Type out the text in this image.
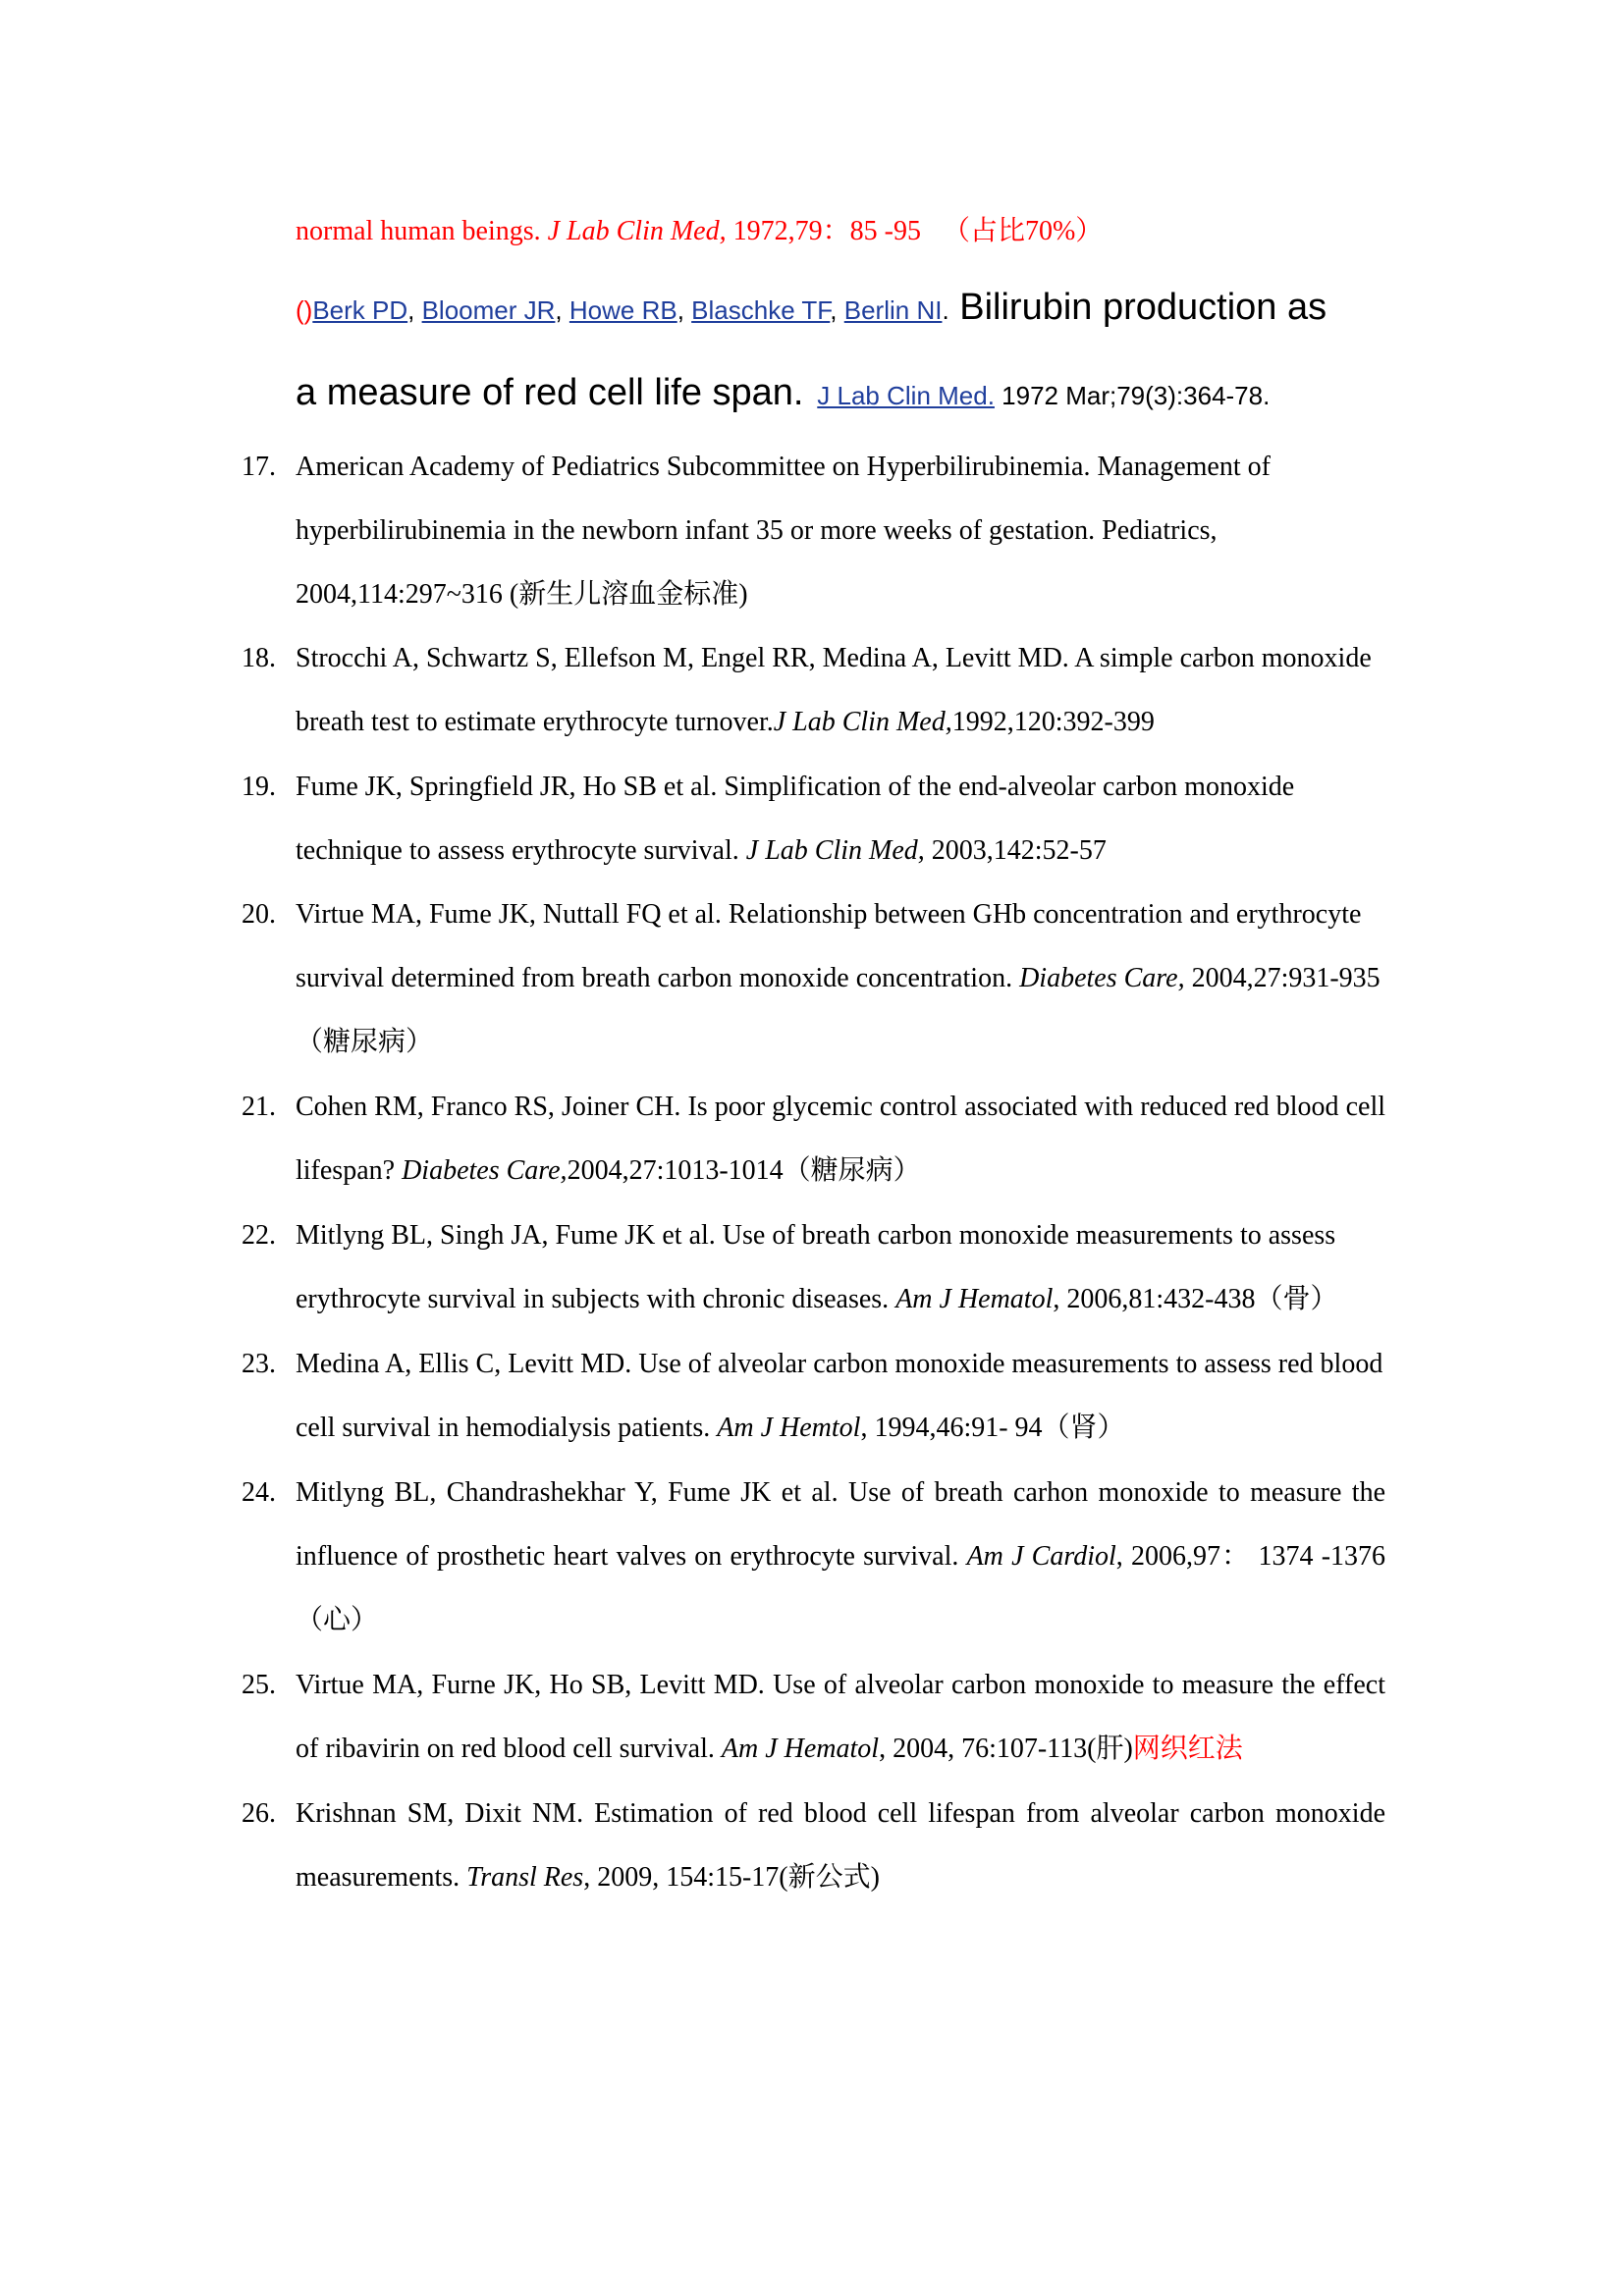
normal human beings. J Lab Clin Med, 1972,79：85 -95 （占比70%）
()Berk PD, Bloomer JR, Howe RB, Blaschke TF, Berlin NI. Bilirubin production as
a measure of red cell life span. J Lab Clin Med. 1972 Mar;79(3):364-78.
17. American Academy of Pediatrics Subcommittee on Hyperbilirubinemia. Management of hyperbilirubinemia in the newborn infant 35 or more weeks of gestation. Pediatrics, 2004,114:297~316 (新生儿溶血金标准)
18. Strocchi A, Schwartz S, Ellefson M, Engel RR, Medina A, Levitt MD. A simple carbon monoxide breath test to estimate erythrocyte turnover.J Lab Clin Med,1992,120:392-399
19. Fume JK, Springfield JR, Ho SB et al. Simplification of the end-alveolar carbon monoxide technique to assess erythrocyte survival. J Lab Clin Med, 2003,142:52-57
20. Virtue MA, Fume JK, Nuttall FQ et al. Relationship between GHb concentration and erythrocyte survival determined from breath carbon monoxide concentration. Diabetes Care, 2004,27:931-935（糖尿病）
21. Cohen RM, Franco RS, Joiner CH. Is poor glycemic control associated with reduced red blood cell lifespan? Diabetes Care,2004,27:1013-1014（糖尿病）
22. Mitlyng BL, Singh JA, Fume JK et al. Use of breath carbon monoxide measurements to assess erythrocyte survival in subjects with chronic diseases. Am J Hematol, 2006,81:432-438（骨）
23. Medina A, Ellis C, Levitt MD. Use of alveolar carbon monoxide measurements to assess red blood cell survival in hemodialysis patients. Am J Hemtol, 1994,46:91- 94（肾）
24. Mitlyng BL, Chandrashekhar Y, Fume JK et al. Use of breath carhon monoxide to measure the influence of prosthetic heart valves on erythrocyte survival. Am J Cardiol, 2006,97： 1374 -1376（心）
25. Virtue MA, Furne JK, Ho SB, Levitt MD. Use of alveolar carbon monoxide to measure the effect of ribavirin on red blood cell survival. Am J Hematol, 2004, 76:107-113(肝)网织红法
26. Krishnan SM, Dixit NM. Estimation of red blood cell lifespan from alveolar carbon monoxide measurements. Transl Res, 2009, 154:15-17(新公式)
